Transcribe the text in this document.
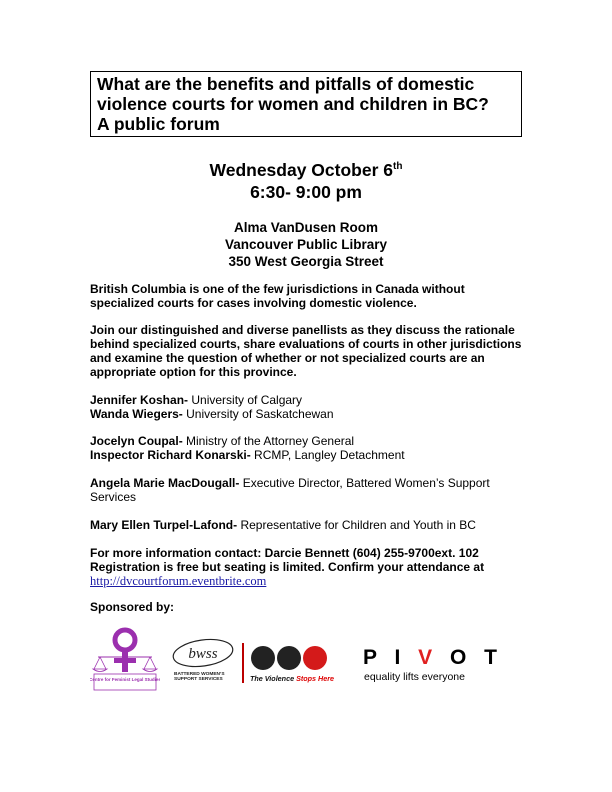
What are the benefits and pitfalls of domestic
violence courts for women and children in BC?
A public forum
Wednesday October 6th
6:30- 9:00 pm
Alma VanDusen Room
Vancouver Public Library
350 West Georgia Street
British Columbia is one of the few jurisdictions in Canada without
specialized courts for cases involving domestic violence.
Join our distinguished and diverse panellists as they discuss the rationale
behind specialized courts, share evaluations of courts in other jurisdictions
and examine the question of whether or not specialized courts are an
appropriate option for this province.
Jennifer Koshan- University of Calgary
Wanda Wiegers- University of Saskatchewan
Jocelyn Coupal- Ministry of the Attorney General
Inspector Richard Konarski- RCMP, Langley Detachment
Angela Marie MacDougall- Executive Director, Battered Women’s Support Services
Mary Ellen Turpel-Lafond- Representative for Children and Youth in BC
For more information contact: Darcie Bennett (604) 255-9700ext. 102
Registration is free but seating is limited. Confirm your attendance at
http://dvcourtforum.eventbrite.com
Sponsored by:
Centre for Feminist Legal Studies
bwss
BATTERED WOMEN’S
SUPPORT SERVICES	The Violence Stops Here
P I V O T
equality lifts everyone
